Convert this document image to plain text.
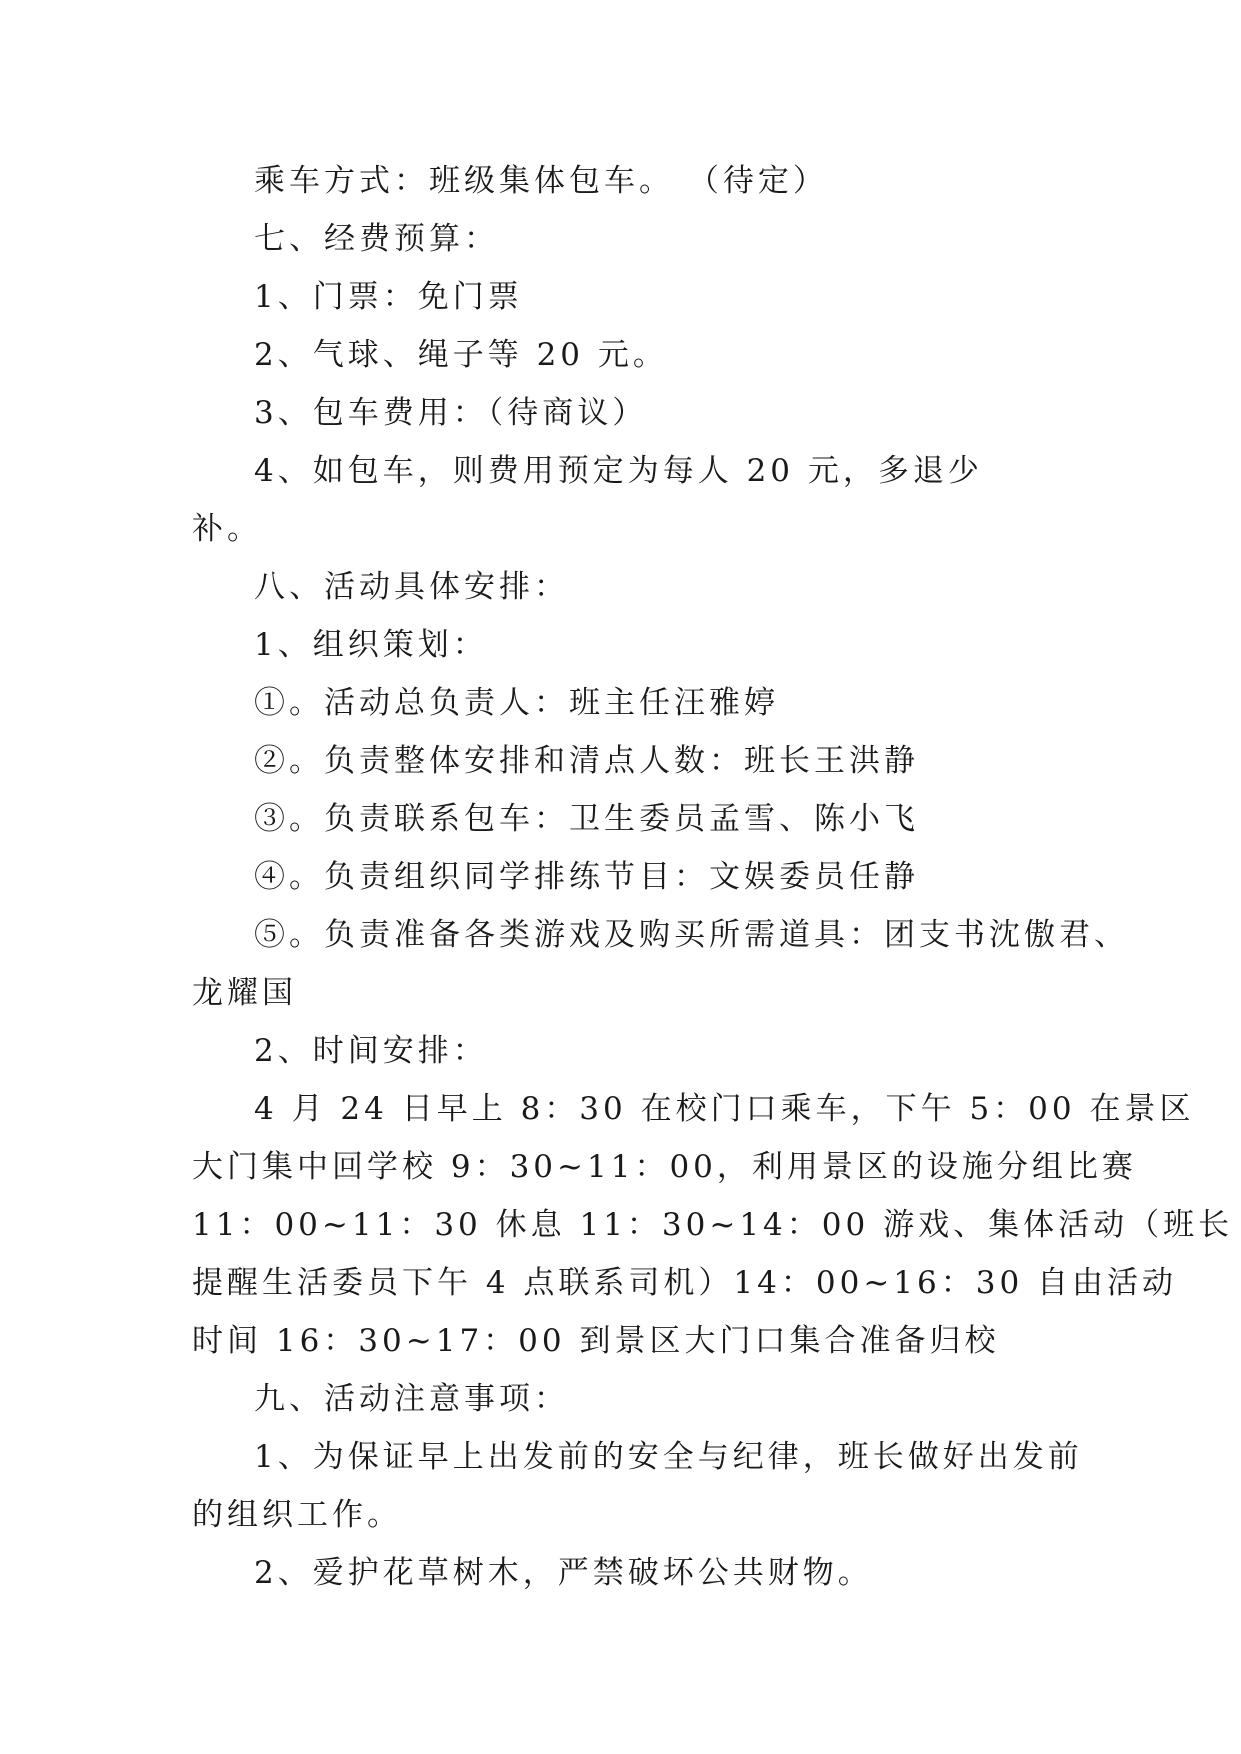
乘车方式：班级集体包车。 （待定）
七、经费预算：
1、门票：免门票
2、气球、绳子等 20 元。
3、包车费用：（待商议）
4、如包车，则费用预定为每人 20 元，多退少补。
八、活动具体安排：
1、组织策划：
①。活动总负责人：班主任汪雅婷
②。负责整体安排和清点人数：班长王洪静
③。负责联系包车：卫生委员孟雪、陈小飞
④。负责组织同学排练节目：文娱委员任静
⑤。负责准备各类游戏及购买所需道具：团支书沈傲君、
龙耀国
2、时间安排：
4 月 24 日早上 8：30 在校门口乘车，下午 5：00 在景区
大门集中回学校 9：30~11：00，利用景区的设施分组比赛
11：00~11：30 休息 11：30~14：00 游戏、集体活动（班长
提醒生活委员下午 4 点联系司机）14：00~16：30 自由活动
时间 16：30~17：00 到景区大门口集合准备归校
九、活动注意事项：
1、为保证早上出发前的安全与纪律，班长做好出发前
的组织工作。
2、爱护花草树木，严禁破坏公共财物。
